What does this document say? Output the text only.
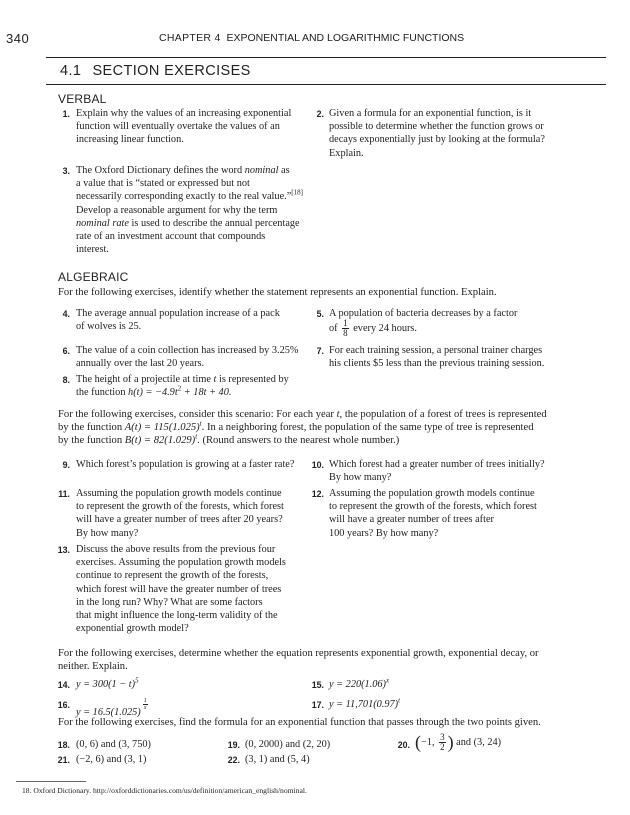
340	CHAPTER 4 EXPONENTIAL AND LOGARITHMIC FUNCTIONS
4.1 SECTION EXERCISES
VERBAL
1. Explain why the values of an increasing exponential
function will eventually overtake the values of an
increasing linear function.
2. Given a formula for an exponential function, is it
possible to determine whether the function grows or
decays exponentially just by looking at the formula?
Explain.
3. The Oxford Dictionary defines the word nominal as
a value that is “stated or expressed but not
necessarily corresponding exactly to the real value.”[18]
Develop a reasonable argument for why the term
nominal rate is used to describe the annual percentage
rate of an investment account that compounds
interest.
ALGEBRAIC
For the following exercises, identify whether the statement represents an exponential function. Explain.
4. The average annual population increase of a pack
of wolves is 25.
5. A population of bacteria decreases by a factor
of $\frac{1}{8}$ every 24 hours.
6. The value of a coin collection has increased by 3.25%
annually over the last 20 years.
7. For each training session, a personal trainer charges
his clients $5 less than the previous training session.
8. The height of a projectile at time t is represented by
the function $h(t) = -4.9t^2 + 18t + 40$.
For the following exercises, consider this scenario: For each year t, the population of a forest of trees is represented
by the function $A(t) = 115(1.025)^t$. In a neighboring forest, the population of the same type of tree is represented
by the function $B(t) = 82(1.029)^t$. (Round answers to the nearest whole number.)
9. Which forest’s population is growing at a faster rate?	10. Which forest had a greater number of trees initially?
By how many?
11. Assuming the population growth models continue
to represent the growth of the forests, which forest
will have a greater number of trees after 20 years?
By how many?
12. Assuming the population growth models continue
to represent the growth of the forests, which forest
will have a greater number of trees after
100 years? By how many?
13. Discuss the above results from the previous four
exercises. Assuming the population growth models
continue to represent the growth of the forests,
which forest will have the greater number of trees
in the long run? Why? What are some factors
that might influence the long-term validity of the
exponential growth model?
For the following exercises, determine whether the equation represents exponential growth, exponential decay, or
neither. Explain.
14. $y = 300(1 - t)^5$	15. $y = 220(1.06)^x$
16.
y = 16.5(1.025)
$\frac{1}{x}$	17. $y = 11,701(0.97)^t$
For the following exercises, find the formula for an exponential function that passes through the two points given.
18. (0, 6) and (3, 750)	19. (0, 2000) and (2, 20)	20. (−1, $\frac{3}{2}$ ) and (3, 24)
21. (−2, 6) and (3, 1)	22. (3, 1) and (5, 4)
18. Oxford Dictionary. http://oxforddictionaries.com/us/definition/american_english/nominal.
